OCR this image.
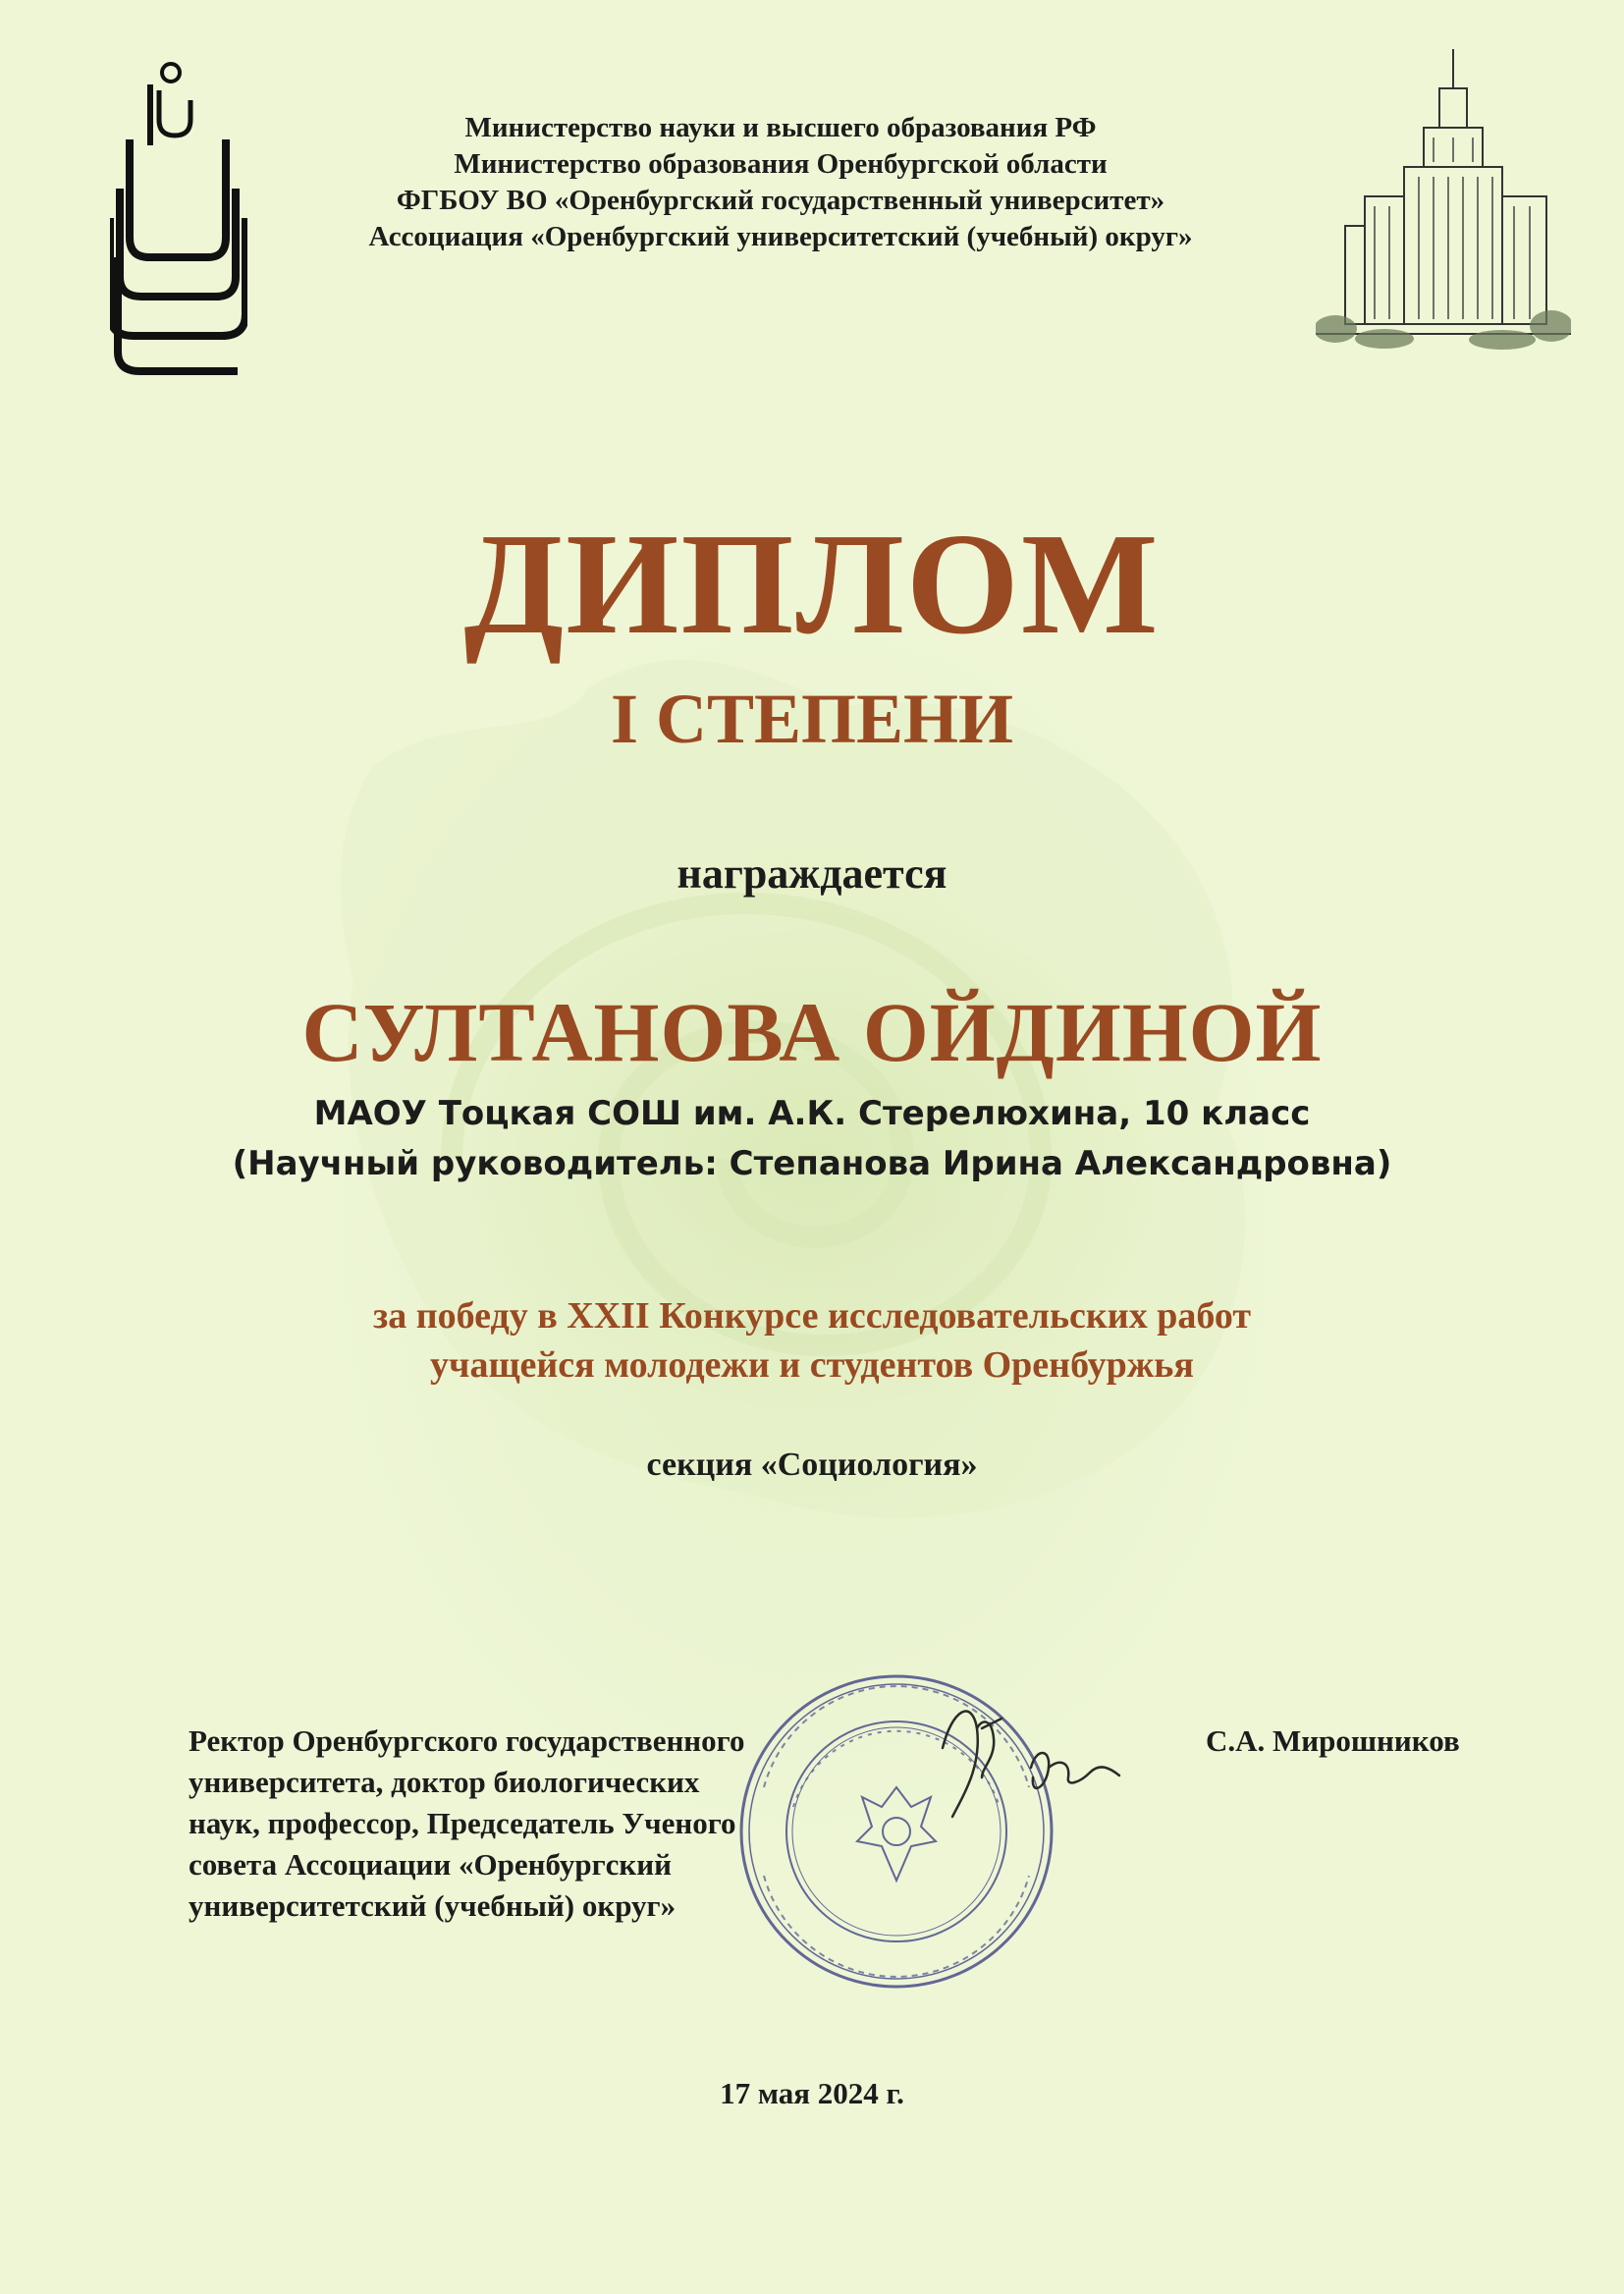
Министерство науки и высшего образования РФ
Министерство образования Оренбургской области
ФГБОУ ВО «Оренбургский государственный университет»
Ассоциация «Оренбургский университетский (учебный) округ»
ДИПЛОМ
I СТЕПЕНИ
награждается
СУЛТАНОВА ОЙДИНОЙ
МАОУ Тоцкая СОШ им. А.К. Стерелюхина, 10 класс
(Научный руководитель: Степанова Ирина Александровна)
за победу в XXII Конкурсе исследовательских работ
учащейся молодежи и студентов Оренбуржья
секция «Социология»
Ректор Оренбургского государственного
университета, доктор биологических
наук, профессор, Председатель Ученого
совета Ассоциации «Оренбургский
университетский (учебный) округ»
С.А. Мирошников
17 мая 2024 г.
